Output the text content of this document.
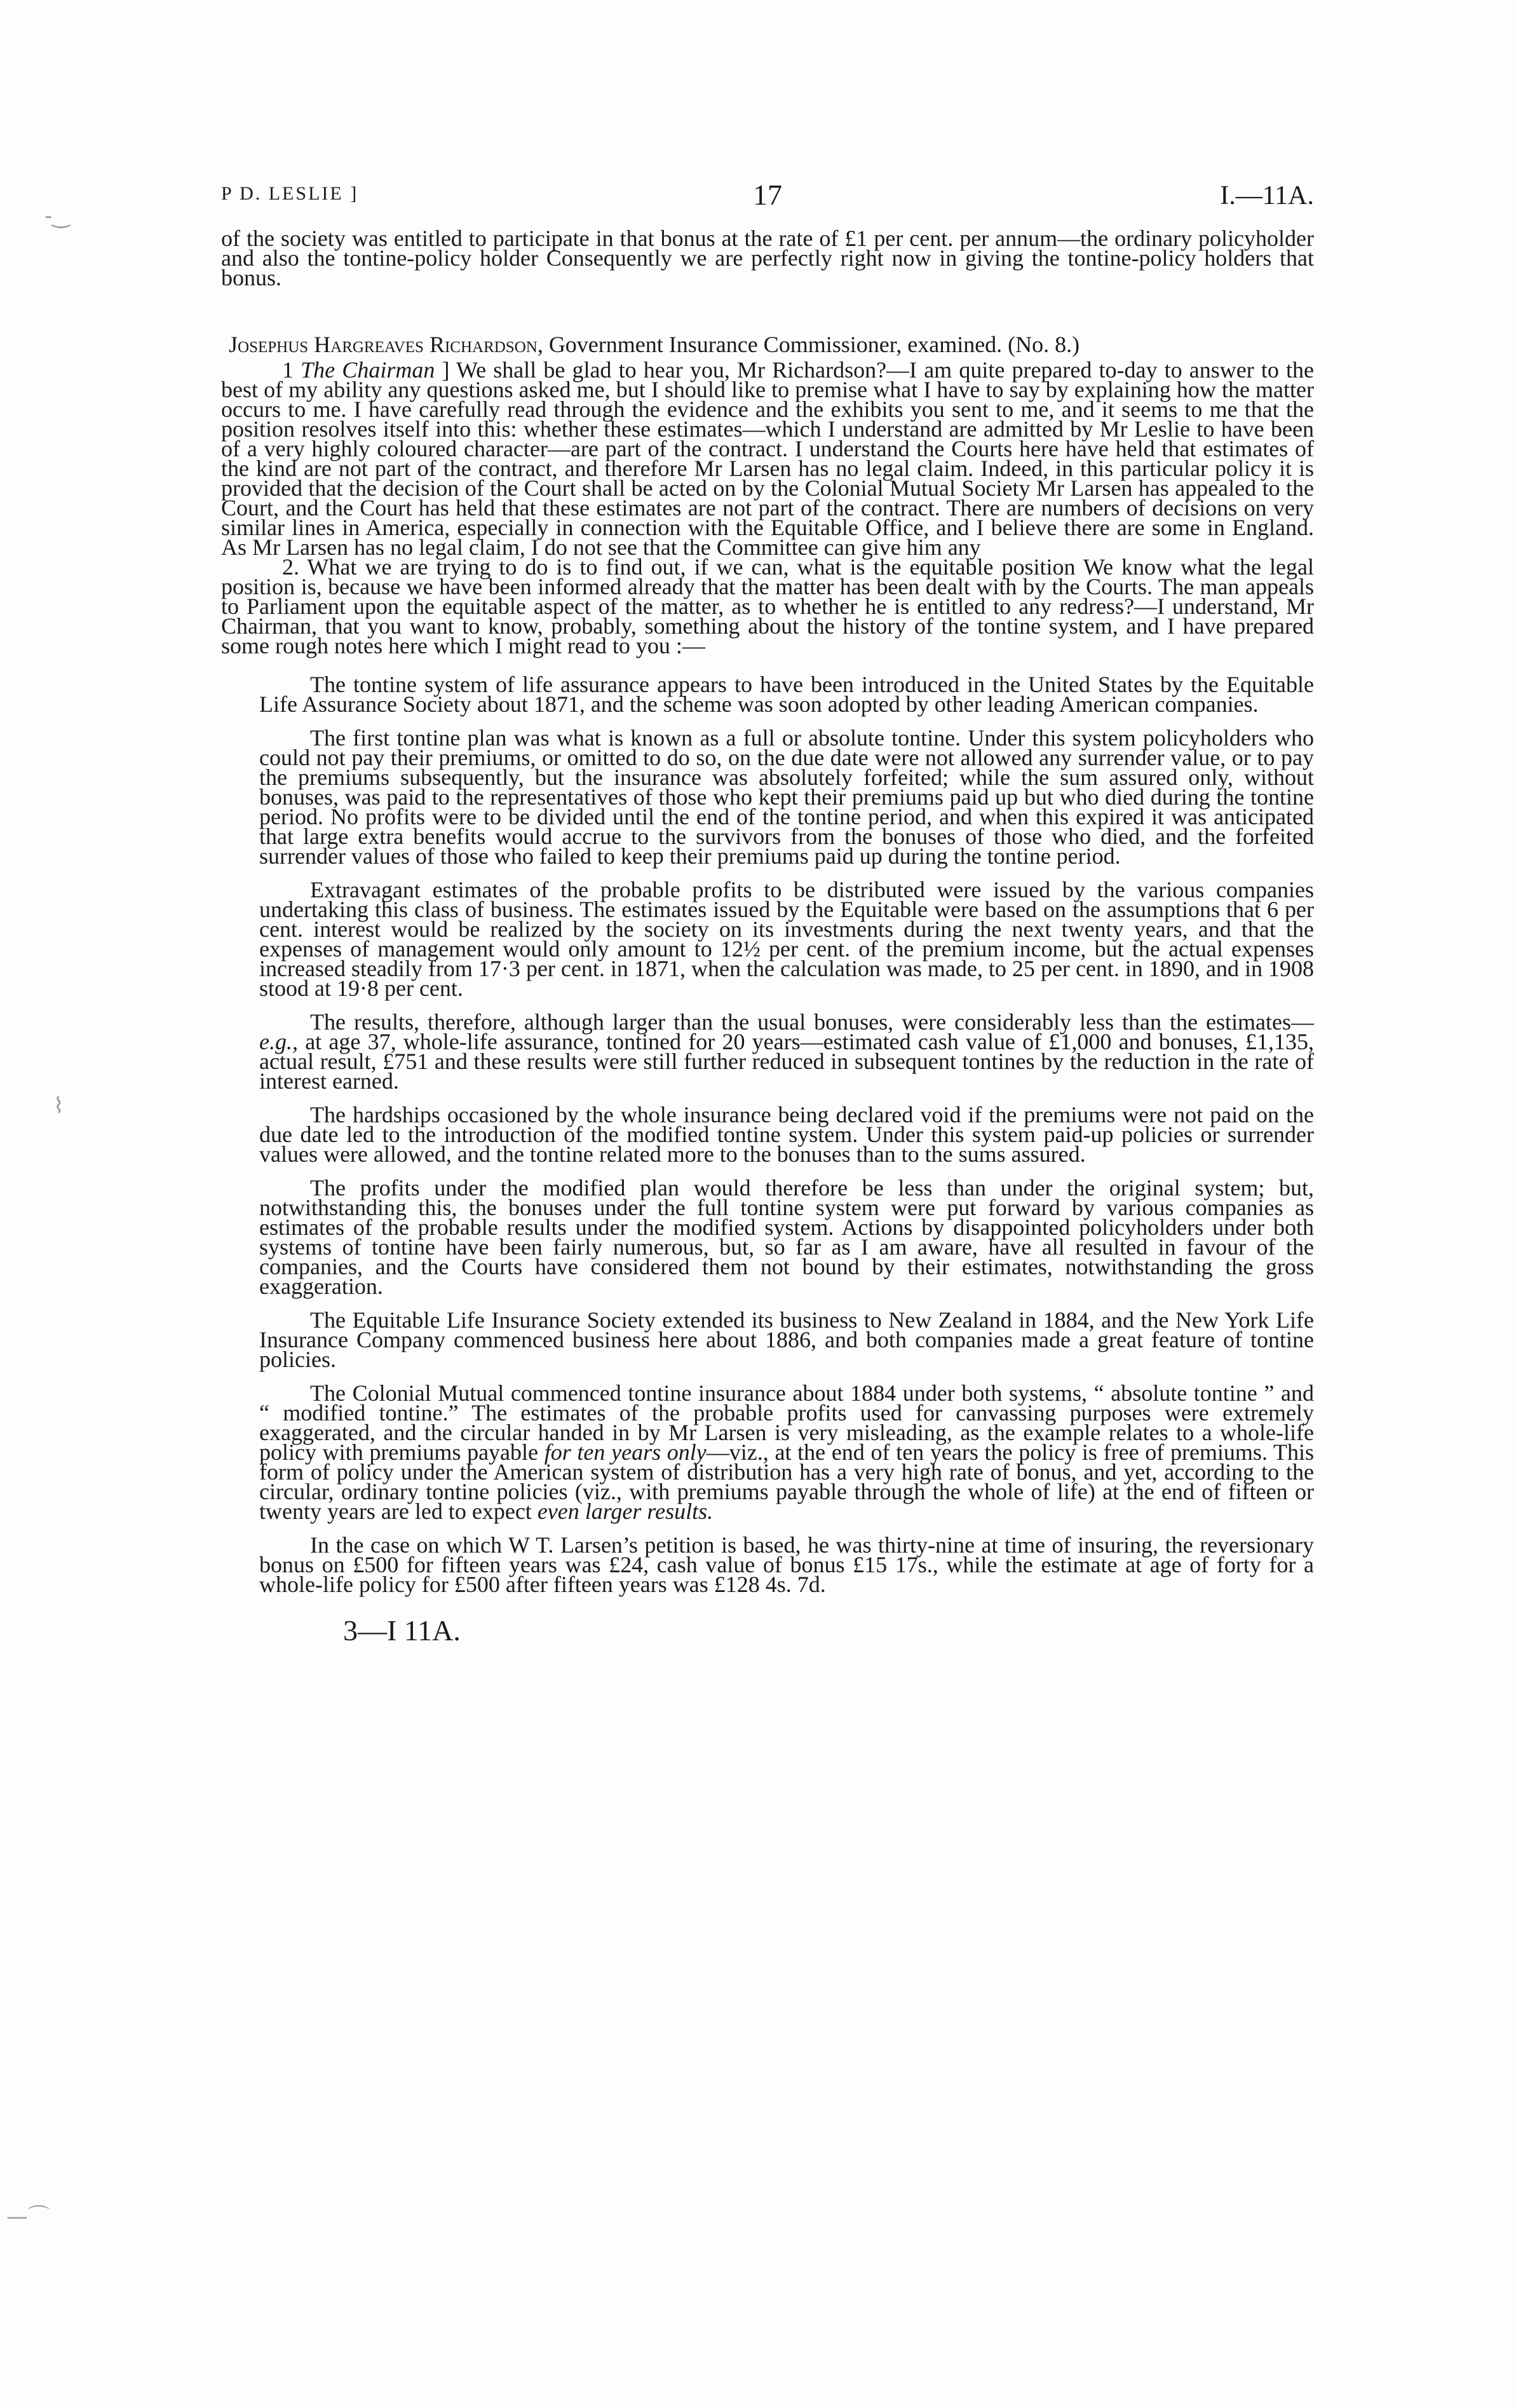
-‿
⌇
—⌒
P D. LESLIE ]	17	I.—11A.

of the society was entitled to participate in that bonus at the rate of £1 per cent. per annum—the ordinary policyholder and also the tontine-policy holder Consequently we are perfectly right now in giving the tontine-policy holders that bonus.

Josephus Hargreaves Richardson, Government Insurance Commissioner, examined. (No. 8.)

1 The Chairman ] We shall be glad to hear you, Mr Richardson?—I am quite prepared to-day to answer to the best of my ability any questions asked me, but I should like to premise what I have to say by explaining how the matter occurs to me. I have carefully read through the evidence and the exhibits you sent to me, and it seems to me that the position resolves itself into this: whether these estimates—which I understand are admitted by Mr Leslie to have been of a very highly coloured character—are part of the contract. I understand the Courts here have held that estimates of the kind are not part of the contract, and therefore Mr Larsen has no legal claim. Indeed, in this particular policy it is provided that the decision of the Court shall be acted on by the Colonial Mutual Society Mr Larsen has appealed to the Court, and the Court has held that these estimates are not part of the contract. There are numbers of decisions on very similar lines in America, especially in connection with the Equitable Office, and I believe there are some in England. As Mr Larsen has no legal claim, I do not see that the Committee can give him any

2. What we are trying to do is to find out, if we can, what is the equitable position We know what the legal position is, because we have been informed already that the matter has been dealt with by the Courts. The man appeals to Parliament upon the equitable aspect of the matter, as to whether he is entitled to any redress?—I understand, Mr Chairman, that you want to know, probably, something about the history of the tontine system, and I have prepared some rough notes here which I might read to you :—

The tontine system of life assurance appears to have been introduced in the United States by the Equitable Life Assurance Society about 1871, and the scheme was soon adopted by other leading American companies.

The first tontine plan was what is known as a full or absolute tontine. Under this system policyholders who could not pay their premiums, or omitted to do so, on the due date were not allowed any surrender value, or to pay the premiums subsequently, but the insurance was absolutely forfeited; while the sum assured only, without bonuses, was paid to the representatives of those who kept their premiums paid up but who died during the tontine period. No profits were to be divided until the end of the tontine period, and when this expired it was anticipated that large extra benefits would accrue to the survivors from the bonuses of those who died, and the forfeited surrender values of those who failed to keep their premiums paid up during the tontine period.

Extravagant estimates of the probable profits to be distributed were issued by the various companies undertaking this class of business. The estimates issued by the Equitable were based on the assumptions that 6 per cent. interest would be realized by the society on its investments during the next twenty years, and that the expenses of management would only amount to 12½ per cent. of the premium income, but the actual expenses increased steadily from 17·3 per cent. in 1871, when the calculation was made, to 25 per cent. in 1890, and in 1908 stood at 19·8 per cent.

The results, therefore, although larger than the usual bonuses, were considerably less than the estimates—e.g., at age 37, whole-life assurance, tontined for 20 years—estimated cash value of £1,000 and bonuses, £1,135, actual result, £751 and these results were still further reduced in subsequent tontines by the reduction in the rate of interest earned.

The hardships occasioned by the whole insurance being declared void if the premiums were not paid on the due date led to the introduction of the modified tontine system. Under this system paid-up policies or surrender values were allowed, and the tontine related more to the bonuses than to the sums assured.

The profits under the modified plan would therefore be less than under the original system; but, notwithstanding this, the bonuses under the full tontine system were put forward by various companies as estimates of the probable results under the modified system. Actions by disappointed policyholders under both systems of tontine have been fairly numerous, but, so far as I am aware, have all resulted in favour of the companies, and the Courts have considered them not bound by their estimates, notwithstanding the gross exaggeration.

The Equitable Life Insurance Society extended its business to New Zealand in 1884, and the New York Life Insurance Company commenced business here about 1886, and both companies made a great feature of tontine policies.

The Colonial Mutual commenced tontine insurance about 1884 under both systems, “ absolute tontine ” and “ modified tontine.” The estimates of the probable profits used for canvassing purposes were extremely exaggerated, and the circular handed in by Mr Larsen is very misleading, as the example relates to a whole-life policy with premiums payable for ten years only—viz., at the end of ten years the policy is free of premiums. This form of policy under the American system of distribution has a very high rate of bonus, and yet, according to the circular, ordinary tontine policies (viz., with premiums payable through the whole of life) at the end of fifteen or twenty years are led to expect even larger results.

In the case on which W T. Larsen’s petition is based, he was thirty-nine at time of insuring, the reversionary bonus on £500 for fifteen years was £24, cash value of bonus £15 17s., while the estimate at age of forty for a whole-life policy for £500 after fifteen years was £128 4s. 7d.

3—I 11A.
